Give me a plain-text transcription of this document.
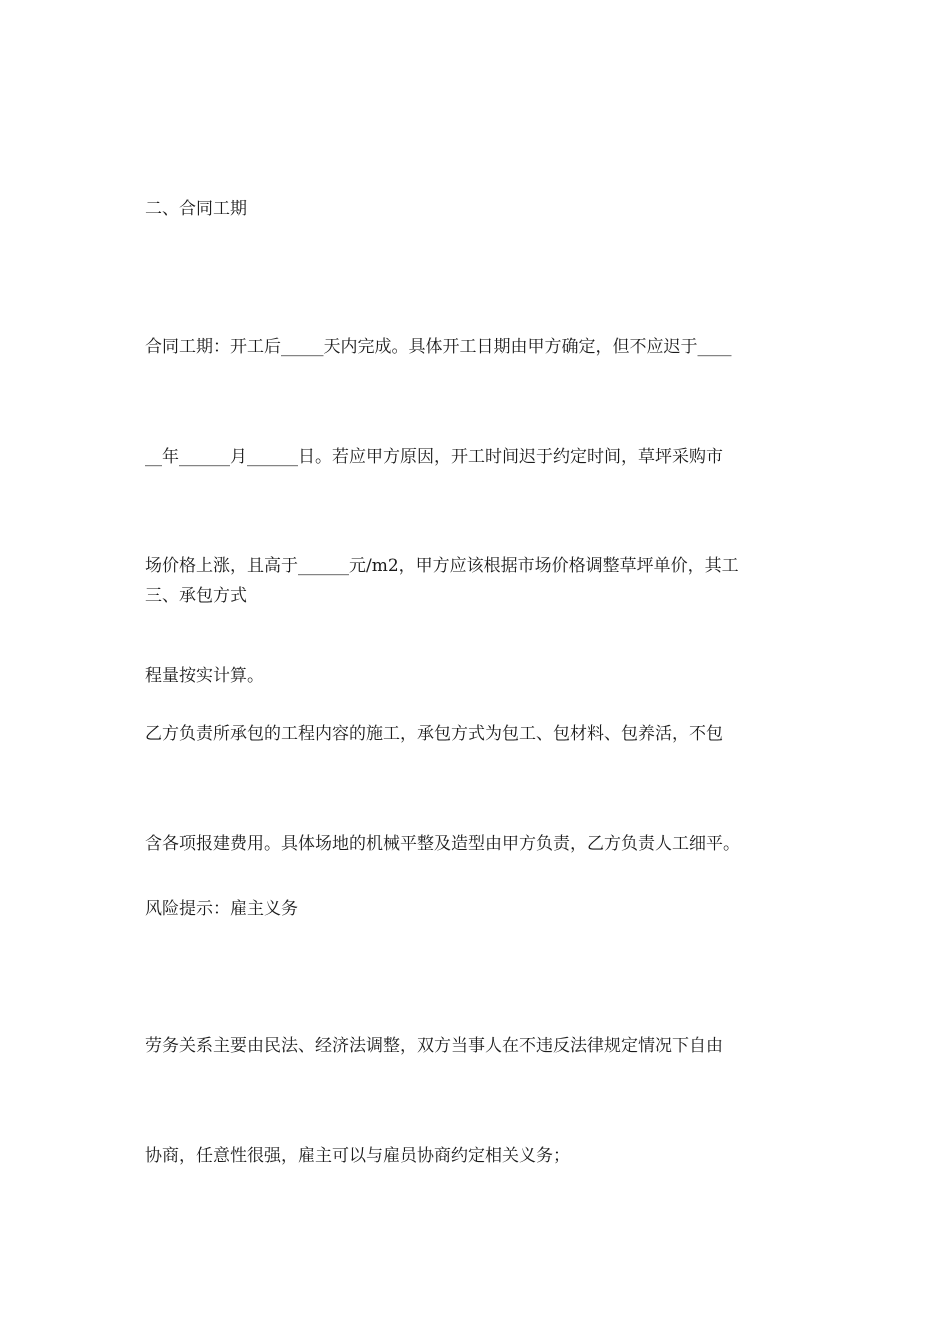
二、合同工期

合同工期：开工后_____天内完成。具体开工日期由甲方确定，但不应迟于____

__年______月______日。若应甲方原因，开工时间迟于约定时间，草坪采购市

场价格上涨，且高于______元/m2，甲方应该根据市场价格调整草坪单价，其工

程量按实计算。

三、承包方式

乙方负责所承包的工程内容的施工，承包方式为包工、包材料、包养活，不包

含各项报建费用。具体场地的机械平整及造型由甲方负责，乙方负责人工细平。

风险提示：雇主义务

劳务关系主要由民法、经济法调整，双方当事人在不违反法律规定情况下自由

协商，任意性很强，雇主可以与雇员协商约定相关义务；
